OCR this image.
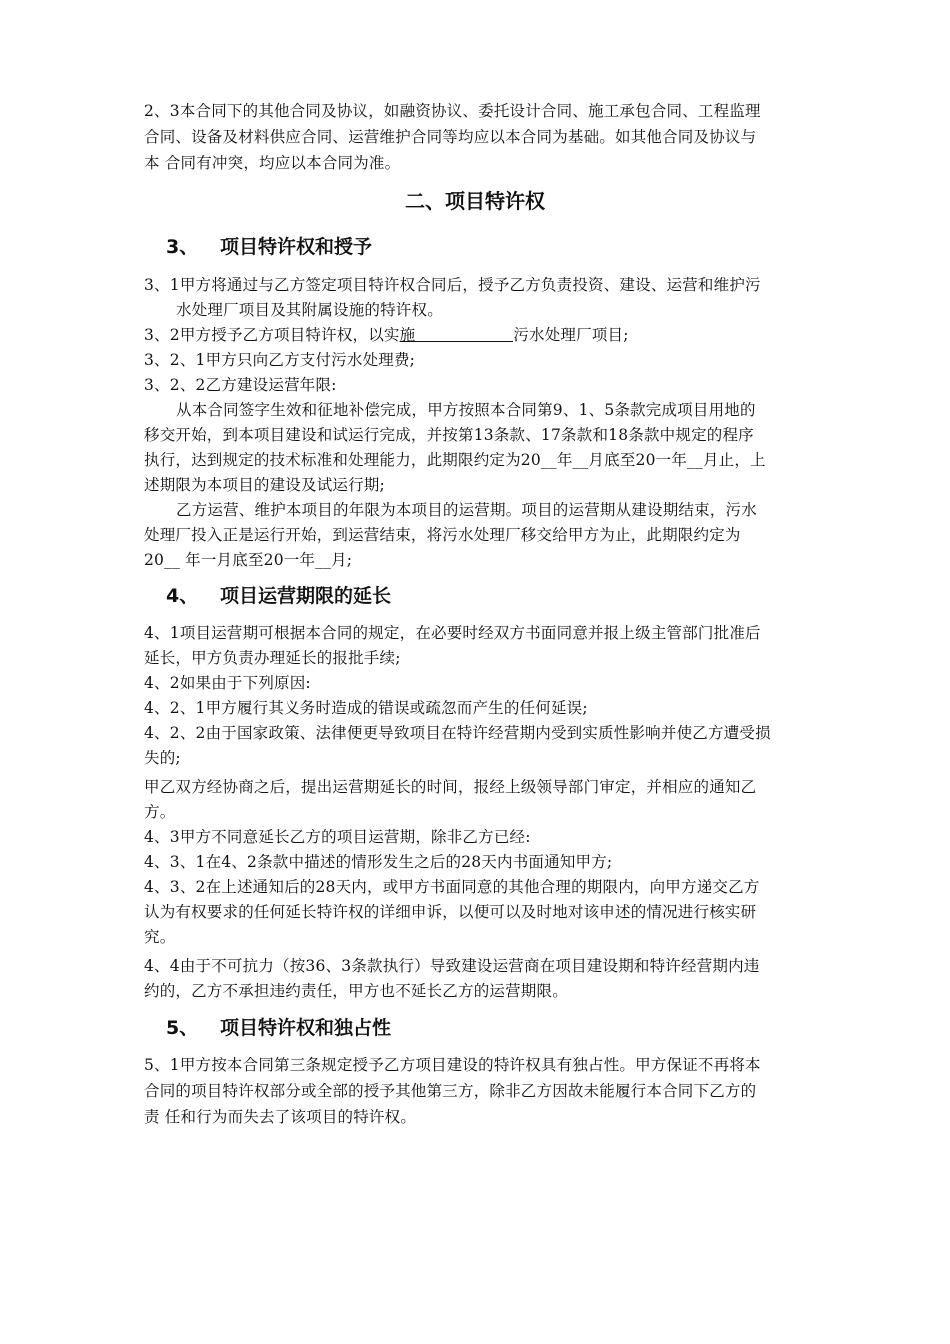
2、3本合同下的其他合同及协议，如融资协议、委托设计合同、施工承包合同、工程监理
合同、设备及材料供应合同、运营维护合同等均应以本合同为基础。如其他合同及协议与
本 合同有冲突，均应以本合同为准。
二、项目特许权
3、 项目特许权和授予
3、1甲方将通过与乙方签定项目特许权合同后，授予乙方负责投资、建设、运营和维护污
水处理厂项目及其附属设施的特许权。
3、2甲方授予乙方项目特许权，以实施	污水处理厂项目;
3、2、1甲方只向乙方支付污水处理费;
3、2、2乙方建设运营年限:
从本合同签字生效和征地补偿完成，甲方按照本合同第9、1、5条款完成项目用地的
移交开始，到本项目建设和试运行完成，并按第13条款、17条款和18条款中规定的程序
执行，达到规定的技术标准和处理能力，此期限约定为20__年__月底至20一年__月止，上
述期限为本项目的建设及试运行期;
乙方运营、维护本项目的年限为本项目的运营期。项目的运营期从建设期结束，污水
处理厂投入正是运行开始，到运营结束，将污水处理厂移交给甲方为止，此期限约定为
20__ 年一月底至20一年__月;
4、 项目运营期限的延长
4、1项目运营期可根据本合同的规定，在必要时经双方书面同意并报上级主管部门批准后
延长，甲方负责办理延长的报批手续;
4、2如果由于下列原因:
4、2、1甲方履行其义务时造成的错误或疏忽而产生的任何延误;
4、2、2由于国家政策、法律便更导致项目在特许经营期内受到实质性影响并使乙方遭受损
失的;
甲乙双方经协商之后，提出运营期延长的时间，报经上级领导部门审定，并相应的通知乙
方。
4、3甲方不同意延长乙方的项目运营期，除非乙方已经:
4、3、1在4、2条款中描述的情形发生之后的28天内书面通知甲方;
4、3、2在上述通知后的28天内，或甲方书面同意的其他合理的期限内，向甲方递交乙方
认为有权要求的任何延长特许权的详细申诉，以便可以及时地对该申述的情况进行核实研
究。
4、4由于不可抗力（按36、3条款执行）导致建设运营商在项目建设期和特许经营期内违
约的，乙方不承担违约责任，甲方也不延长乙方的运营期限。
5、 项目特许权和独占性
5、1甲方按本合同第三条规定授予乙方项目建设的特许权具有独占性。甲方保证不再将本
合同的项目特许权部分或全部的授予其他第三方，除非乙方因故未能履行本合同下乙方的
责 任和行为而失去了该项目的特许权。
